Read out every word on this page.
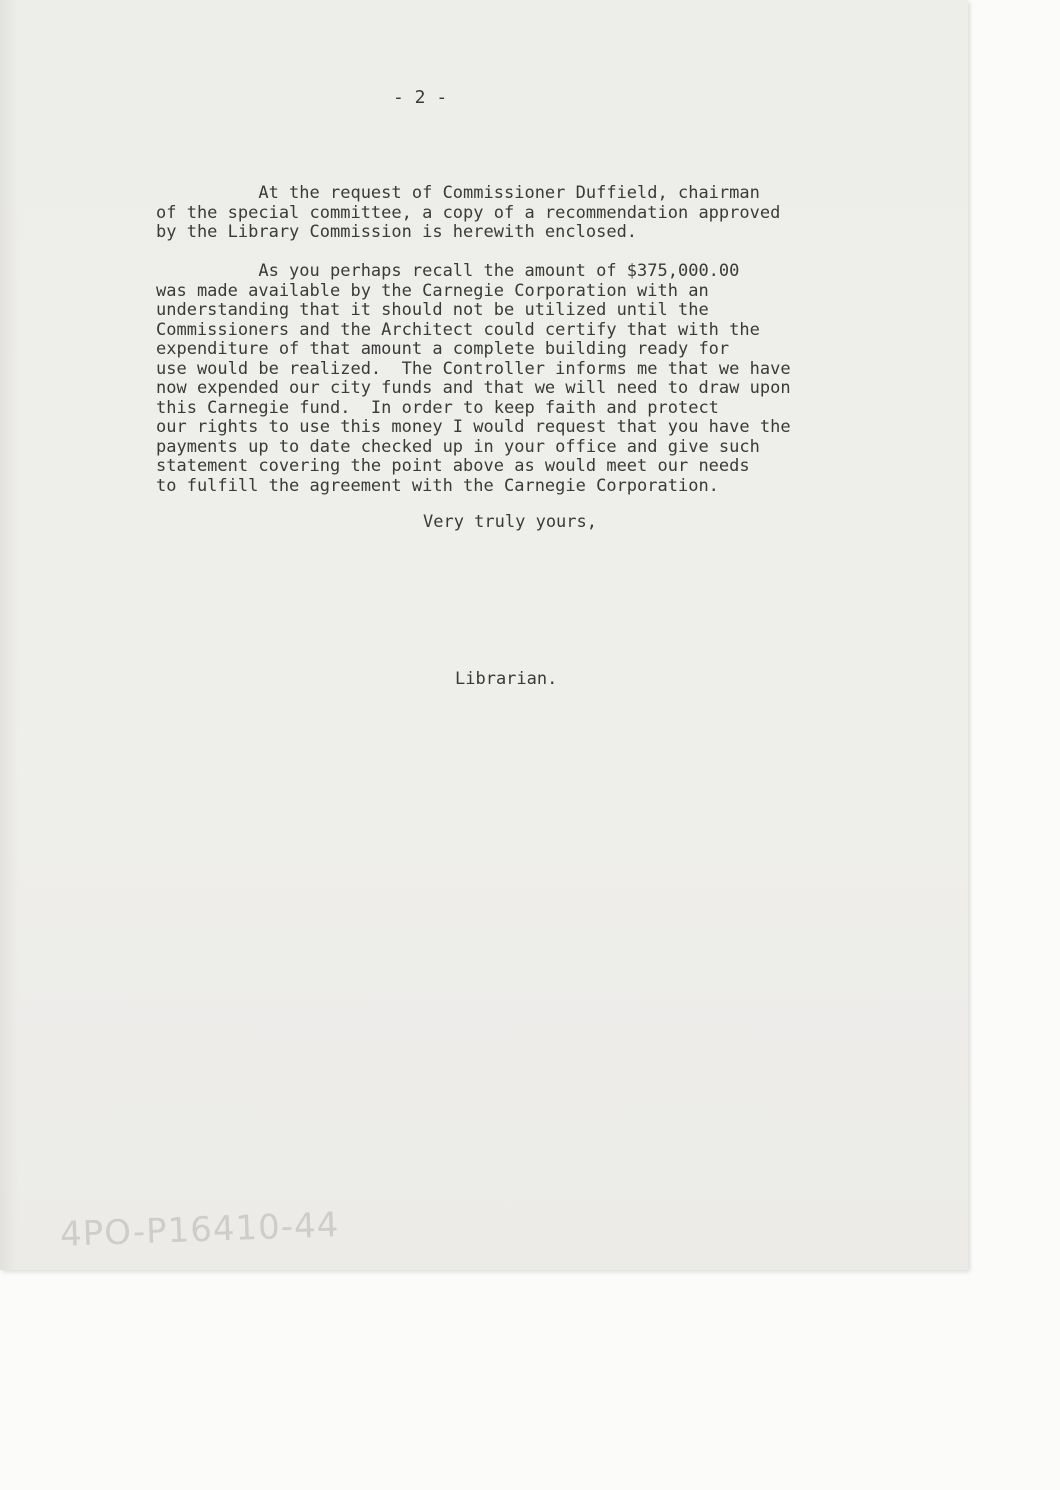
- 2 -

At the request of Commissioner Duffield, chairman
of the special committee, a copy of a recommendation approved
by the Library Commission is herewith enclosed.

As you perhaps recall the amount of $375,000.00
was made available by the Carnegie Corporation with an
understanding that it should not be utilized until the
Commissioners and the Architect could certify that with the
expenditure of that amount a complete building ready for
use would be realized.  The Controller informs me that we have
now expended our city funds and that we will need to draw upon
this Carnegie fund.  In order to keep faith and protect
our rights to use this money I would request that you have the
payments up to date checked up in your office and give such
statement covering the point above as would meet our needs
to fulfill the agreement with the Carnegie Corporation.

Very truly yours,

Librarian.

4PO-P16410-44
